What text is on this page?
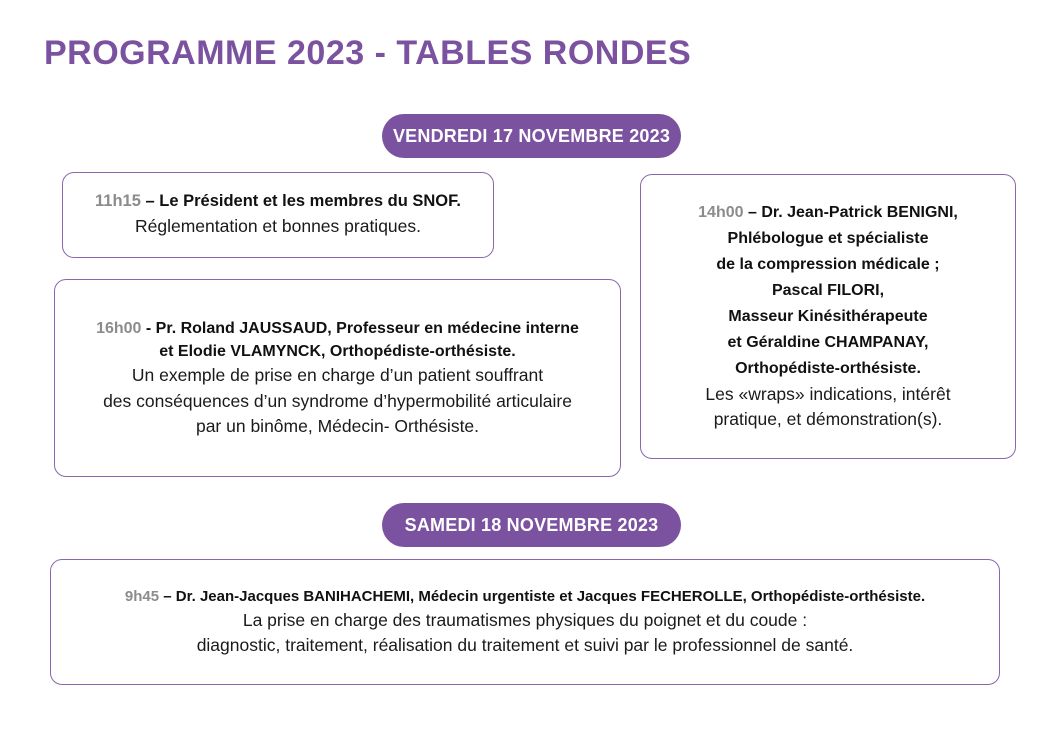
PROGRAMME 2023 - TABLES RONDES
VENDREDI 17 NOVEMBRE 2023
11h15 – Le Président et les membres du SNOF.
Réglementation et bonnes pratiques.
14h00 – Dr. Jean-Patrick BENIGNI,
Phlébologue et spécialiste
de la compression médicale ;
Pascal FILORI,
Masseur Kinésithérapeute
et Géraldine CHAMPANAY,
Orthopédiste-orthésiste.
Les «wraps» indications, intérêt
pratique, et démonstration(s).
16h00 - Pr. Roland JAUSSAUD, Professeur en médecine interne
et Elodie VLAMYNCK, Orthopédiste-orthésiste.
Un exemple de prise en charge d’un patient souffrant
des conséquences d’un syndrome d’hypermobilité articulaire
par un binôme, Médecin- Orthésiste.
SAMEDI 18 NOVEMBRE 2023
9h45 – Dr. Jean-Jacques BANIHACHEMI, Médecin urgentiste et Jacques FECHEROLLE, Orthopédiste-orthésiste.
La prise en charge des traumatismes physiques du poignet et du coude :
diagnostic, traitement, réalisation du traitement et suivi par le professionnel de santé.
